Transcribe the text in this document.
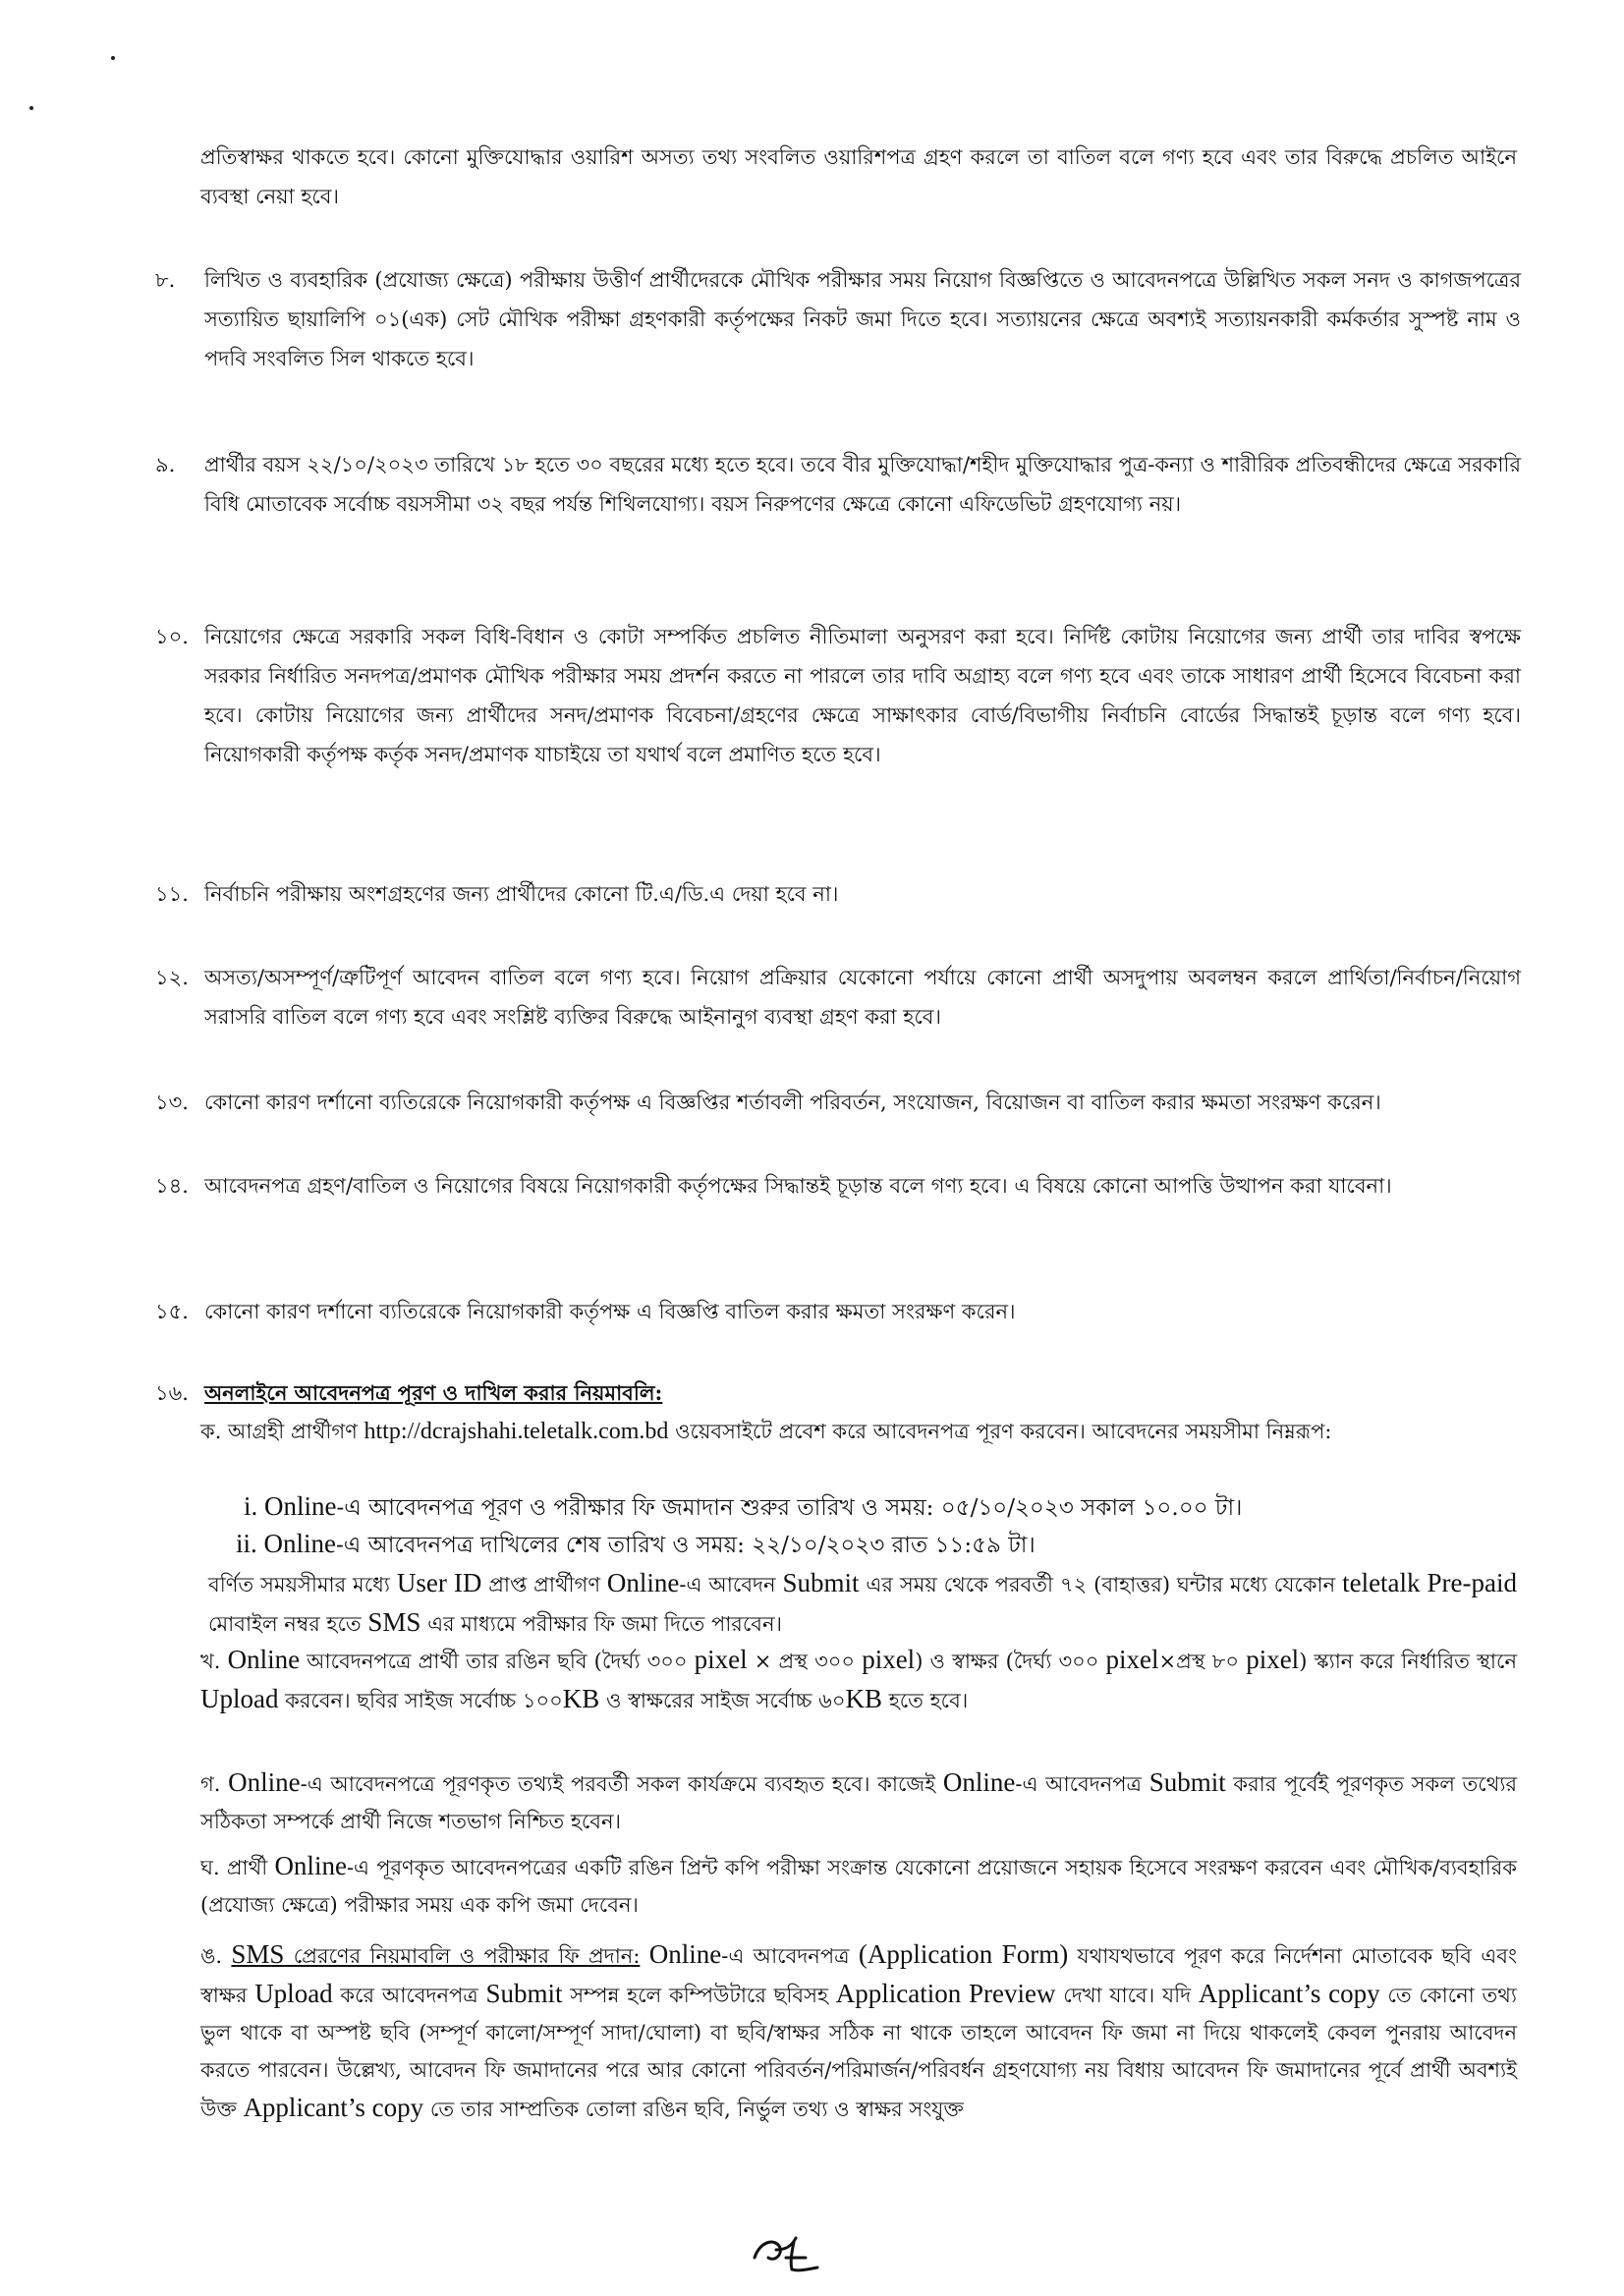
প্রতিস্বাক্ষর থাকতে হবে। কোনো মুক্তিযোদ্ধার ওয়ারিশ অসত্য তথ্য সংবলিত ওয়ারিশপত্র গ্রহণ করলে তা বাতিল বলে গণ্য হবে এবং তার বিরুদ্ধে প্রচলিত আইনে ব্যবস্থা নেয়া হবে।
৮.	লিখিত ও ব্যবহারিক (প্রযোজ্য ক্ষেত্রে) পরীক্ষায় উত্তীর্ণ প্রার্থীদেরকে মৌখিক পরীক্ষার সময় নিয়োগ বিজ্ঞপ্তিতে ও আবেদনপত্রে উল্লিখিত সকল সনদ ও কাগজপত্রের সত্যায়িত ছায়ালিপি ০১(এক) সেট মৌখিক পরীক্ষা গ্রহণকারী কর্তৃপক্ষের নিকট জমা দিতে হবে। সত্যায়নের ক্ষেত্রে অবশ্যই সত্যায়নকারী কর্মকর্তার সুস্পষ্ট নাম ও পদবি সংবলিত সিল থাকতে হবে।
৯.	প্রার্থীর বয়স ২২/১০/২০২৩ তারিখে ১৮ হতে ৩০ বছরের মধ্যে হতে হবে। তবে বীর মুক্তিযোদ্ধা/শহীদ মুক্তিযোদ্ধার পুত্র-কন্যা ও শারীরিক প্রতিবন্ধীদের ক্ষেত্রে সরকারি বিধি মোতাবেক সর্বোচ্চ বয়সসীমা ৩২ বছর পর্যন্ত শিথিলযোগ্য। বয়স নিরুপণের ক্ষেত্রে কোনো এফিডেভিট গ্রহণযোগ্য নয়।
১০. নিয়োগের ক্ষেত্রে সরকারি সকল বিধি-বিধান ও কোটা সম্পর্কিত প্রচলিত নীতিমালা অনুসরণ করা হবে। নির্দিষ্ট কোটায় নিয়োগের জন্য প্রার্থী তার দাবির স্বপক্ষে সরকার নির্ধারিত সনদপত্র/প্রমাণক মৌখিক পরীক্ষার সময় প্রদর্শন করতে না পারলে তার দাবি অগ্রাহ্য বলে গণ্য হবে এবং তাকে সাধারণ প্রার্থী হিসেবে বিবেচনা করা হবে। কোটায় নিয়োগের জন্য প্রার্থীদের সনদ/প্রমাণক বিবেচনা/গ্রহণের ক্ষেত্রে সাক্ষাৎকার বোর্ড/বিভাগীয় নির্বাচনি বোর্ডের সিদ্ধান্তই চূড়ান্ত বলে গণ্য হবে। নিয়োগকারী কর্তৃপক্ষ কর্তৃক সনদ/প্রমাণক যাচাইয়ে তা যথার্থ বলে প্রমাণিত হতে হবে।
১১. নির্বাচনি পরীক্ষায় অংশগ্রহণের জন্য প্রার্থীদের কোনো টি.এ/ডি.এ দেয়া হবে না।
১২. অসত্য/অসম্পূর্ণ/ত্রুটিপূর্ণ আবেদন বাতিল বলে গণ্য হবে। নিয়োগ প্রক্রিয়ার যেকোনো পর্যায়ে কোনো প্রার্থী অসদুপায় অবলম্বন করলে প্রার্থিতা/নির্বাচন/নিয়োগ সরাসরি বাতিল বলে গণ্য হবে এবং সংশ্লিষ্ট ব্যক্তির বিরুদ্ধে আইনানুগ ব্যবস্থা গ্রহণ করা হবে।
১৩. কোনো কারণ দর্শানো ব্যতিরেকে নিয়োগকারী কর্তৃপক্ষ এ বিজ্ঞপ্তির শর্তাবলী পরিবর্তন, সংযোজন, বিয়োজন বা বাতিল করার ক্ষমতা সংরক্ষণ করেন।
১৪. আবেদনপত্র গ্রহণ/বাতিল ও নিয়োগের বিষয়ে নিয়োগকারী কর্তৃপক্ষের সিদ্ধান্তই চূড়ান্ত বলে গণ্য হবে। এ বিষয়ে কোনো আপত্তি উত্থাপন করা যাবেনা।
১৫. কোনো কারণ দর্শানো ব্যতিরেকে নিয়োগকারী কর্তৃপক্ষ এ বিজ্ঞপ্তি বাতিল করার ক্ষমতা সংরক্ষণ করেন।
১৬. অনলাইনে আবেদনপত্র পূরণ ও দাখিল করার নিয়মাবলি:
ক. আগ্রহী প্রার্থীগণ http://dcrajshahi.teletalk.com.bd ওয়েবসাইটে প্রবেশ করে আবেদনপত্র পূরণ করবেন। আবেদনের সময়সীমা নিম্নরূপ:
i. Online-এ আবেদনপত্র পূরণ ও পরীক্ষার ফি জমাদান শুরুর তারিখ ও সময়: ০৫/১০/২০২৩ সকাল ১০.০০ টা।
ii. Online-এ আবেদনপত্র দাখিলের শেষ তারিখ ও সময়: ২২/১০/২০২৩ রাত ১১:৫৯ টা।
বর্ণিত সময়সীমার মধ্যে User ID প্রাপ্ত প্রার্থীগণ Online-এ আবেদন Submit এর সময় থেকে পরবর্তী ৭২ (বাহাত্তর) ঘন্টার মধ্যে যেকোন teletalk Pre-paid মোবাইল নম্বর হতে SMS এর মাধ্যমে পরীক্ষার ফি জমা দিতে পারবেন।
খ. Online আবেদনপত্রে প্রার্থী তার রঙিন ছবি (দৈর্ঘ্য ৩০০ pixel × প্রস্থ ৩০০ pixel) ও স্বাক্ষর (দৈর্ঘ্য ৩০০ pixel×প্রস্থ ৮০ pixel) স্ক্যান করে নির্ধারিত স্থানে Upload করবেন। ছবির সাইজ সর্বোচ্চ ১০০KB ও স্বাক্ষরের সাইজ সর্বোচ্চ ৬০KB হতে হবে।
গ. Online-এ আবেদনপত্রে পূরণকৃত তথ্যই পরবর্তী সকল কার্যক্রমে ব্যবহৃত হবে। কাজেই Online-এ আবেদনপত্র Submit করার পূর্বেই পূরণকৃত সকল তথ্যের সঠিকতা সম্পর্কে প্রার্থী নিজে শতভাগ নিশ্চিত হবেন।
ঘ. প্রার্থী Online-এ পূরণকৃত আবেদনপত্রের একটি রঙিন প্রিন্ট কপি পরীক্ষা সংক্রান্ত যেকোনো প্রয়োজনে সহায়ক হিসেবে সংরক্ষণ করবেন এবং মৌখিক/ব্যবহারিক (প্রযোজ্য ক্ষেত্রে) পরীক্ষার সময় এক কপি জমা দেবেন।
ঙ. SMS প্রেরণের নিয়মাবলি ও পরীক্ষার ফি প্রদান: Online-এ আবেদনপত্র (Application Form) যথাযথভাবে পূরণ করে নির্দেশনা মোতাবেক ছবি এবং স্বাক্ষর Upload করে আবেদনপত্র Submit সম্পন্ন হলে কম্পিউটারে ছবিসহ Application Preview দেখা যাবে। যদি Applicant’s copy তে কোনো তথ্য ভুল থাকে বা অস্পষ্ট ছবি (সম্পূর্ণ কালো/সম্পূর্ণ সাদা/ঘোলা) বা ছবি/স্বাক্ষর সঠিক না থাকে তাহলে আবেদন ফি জমা না দিয়ে থাকলেই কেবল পুনরায় আবেদন করতে পারবেন। উল্লেখ্য, আবেদন ফি জমাদানের পরে আর কোনো পরিবর্তন/পরিমার্জন/পরিবর্ধন গ্রহণযোগ্য নয় বিধায় আবেদন ফি জমাদানের পূর্বে প্রার্থী অবশ্যই উক্ত Applicant’s copy তে তার সাম্প্রতিক তোলা রঙিন ছবি, নির্ভুল তথ্য ও স্বাক্ষর সংযুক্ত
